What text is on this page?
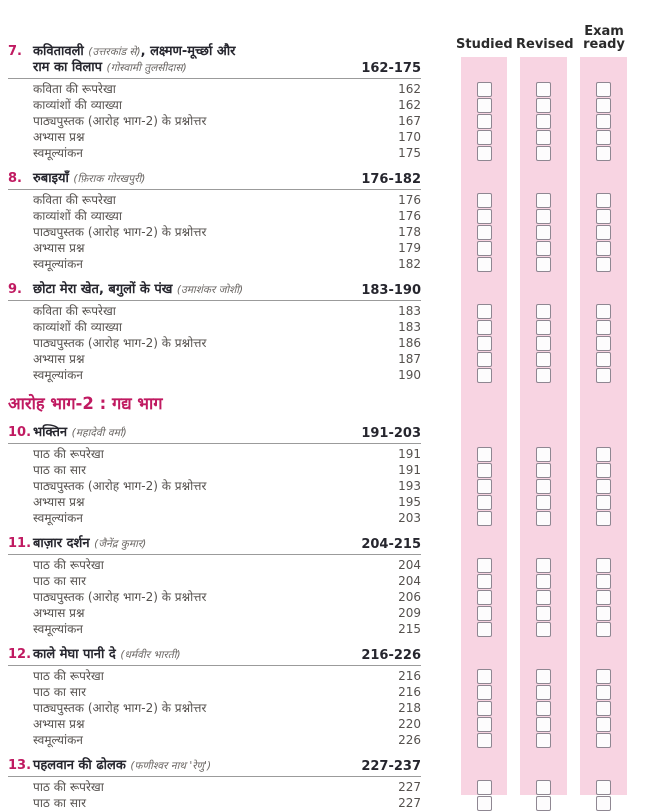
Studied Revised
Exam ready
7. कवितावली (उत्तरकांड से), लक्ष्मण-मूर्च्छा और
राम का विलाप (गोस्वामी तुलसीदास)	162-175
कविता की रूपरेखा	162
काव्यांशों की व्याख्या	162
पाठ्यपुस्तक (आरोह भाग-2) के प्रश्नोत्तर	167
अभ्यास प्रश्न	170
स्वमूल्यांकन	175
8. रुबाइयाँ (फ़िराक गोरखपुरी)	176-182
कविता की रूपरेखा	176
काव्यांशों की व्याख्या	176
पाठ्यपुस्तक (आरोह भाग-2) के प्रश्नोत्तर	178
अभ्यास प्रश्न	179
स्वमूल्यांकन	182
9. छोटा मेरा खेत, बगुलों के पंख (उमाशंकर जोशी)	183-190
कविता की रूपरेखा	183
काव्यांशों की व्याख्या	183
पाठ्यपुस्तक (आरोह भाग-2) के प्रश्नोत्तर	186
अभ्यास प्रश्न	187
स्वमूल्यांकन	190
आरोह भाग-2 : गद्य भाग
10. भक्तिन (महादेवी वर्मा)	191-203
पाठ की रूपरेखा	191
पाठ का सार	191
पाठ्यपुस्तक (आरोह भाग-2) के प्रश्नोत्तर	193
अभ्यास प्रश्न	195
स्वमूल्यांकन	203
11. बाज़ार दर्शन (जैनेंद्र कुमार)	204-215
पाठ की रूपरेखा	204
पाठ का सार	204
पाठ्यपुस्तक (आरोह भाग-2) के प्रश्नोत्तर	206
अभ्यास प्रश्न	209
स्वमूल्यांकन	215
12. काले मेघा पानी दे (धर्मवीर भारती)	216-226
पाठ की रूपरेखा	216
पाठ का सार	216
पाठ्यपुस्तक (आरोह भाग-2) के प्रश्नोत्तर	218
अभ्यास प्रश्न	220
स्वमूल्यांकन	226
13. पहलवान की ढोलक (फणीश्वर नाथ 'रेणु')	227-237
पाठ की रूपरेखा	227
पाठ का सार	227
